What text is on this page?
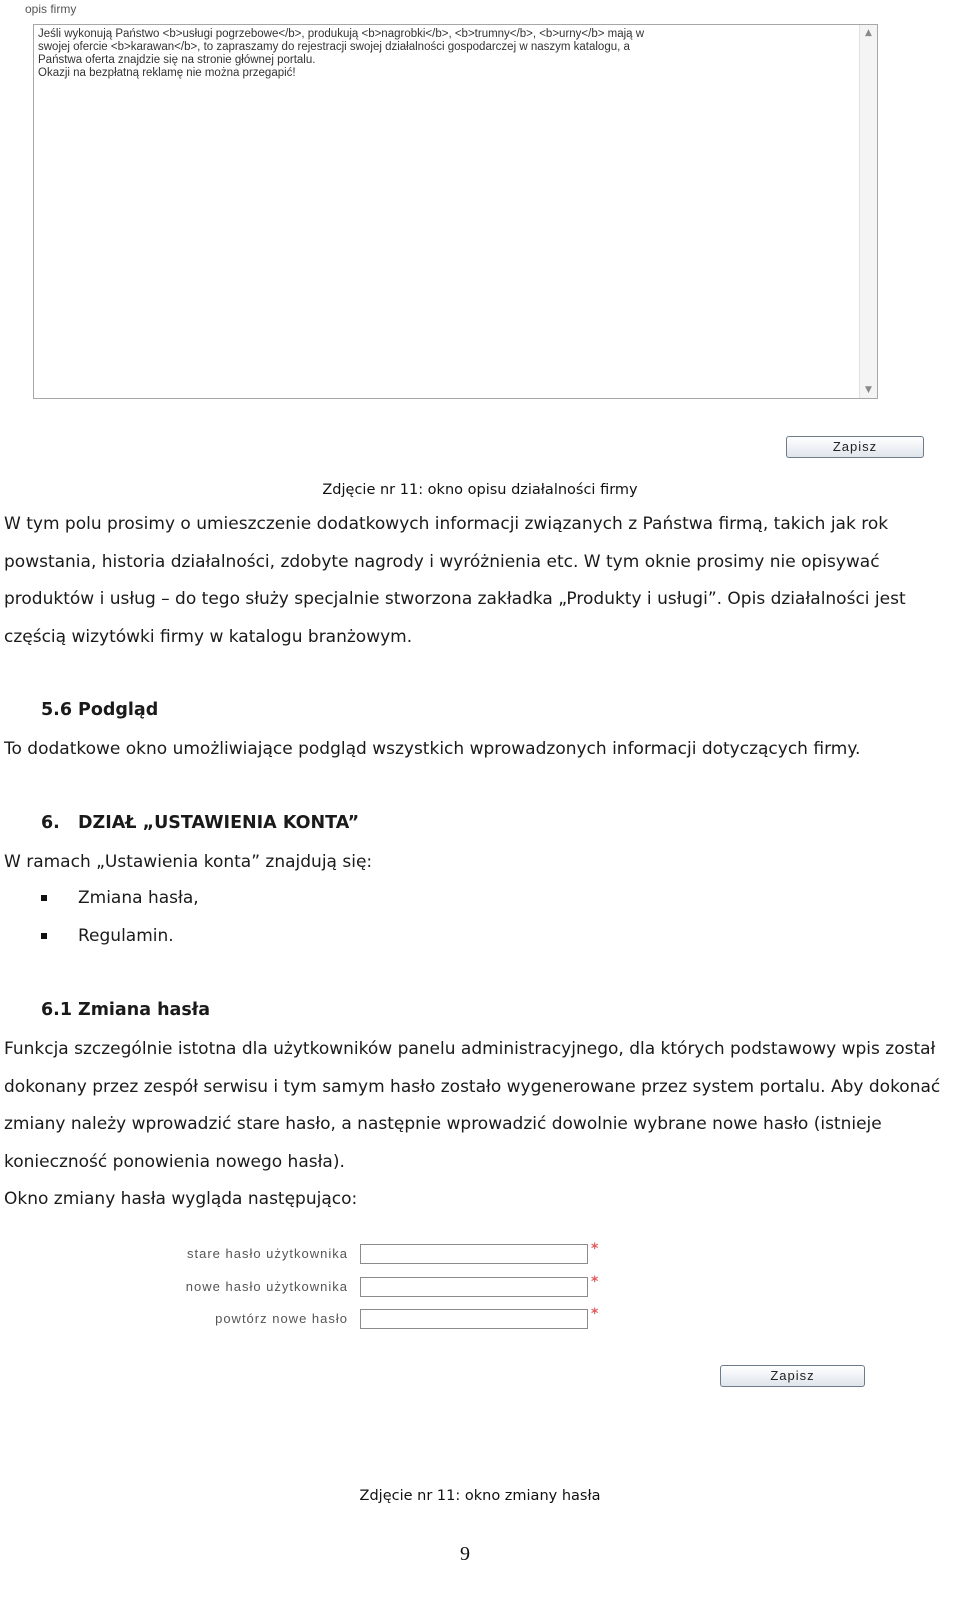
opis firmy
Jeśli wykonują Państwo <b>usługi pogrzebowe</b>, produkują <b>nagrobki</b>, <b>trumny</b>, <b>urny</b> mają w
swojej ofercie <b>karawan</b>, to zapraszamy do rejestracji swojej działalności gospodarczej w naszym katalogu, a
Państwa oferta znajdzie się na stronie głównej portalu.
Okazji na bezpłatną reklamę nie można przegapić!
▲
▼
Zapisz
Zdjęcie nr 11: okno opisu działalności firmy

W tym polu prosimy o umieszczenie dodatkowych informacji związanych z Państwa firmą, takich jak rok powstania, historia działalności, zdobyte nagrody i wyróżnienia etc. W tym oknie prosimy nie opisywać produktów i usług – do tego służy specjalnie stworzona zakładka „Produkty i usługi”. Opis działalności jest częścią wizytówki firmy w katalogu branżowym.

5.6 Podgląd

To dodatkowe okno umożliwiające podgląd wszystkich wprowadzonych informacji dotyczących firmy.

6. DZIAŁ „USTAWIENIA KONTA”

W ramach „Ustawienia konta” znajdują się:

Zmiana hasła,
Regulamin.
6.1 Zmiana hasła

Funkcja szczególnie istotna dla użytkowników panelu administracyjnego, dla których podstawowy wpis został dokonany przez zespół serwisu i tym samym hasło zostało wygenerowane przez system portalu. Aby dokonać zmiany należy wprowadzić stare hasło, a następnie wprowadzić dowolnie wybrane nowe hasło (istnieje konieczność ponowienia nowego hasła).

Okno zmiany hasła wygląda następująco:

stare hasło użytkownika	*
nowe hasło użytkownika	*
powtórz nowe hasło	*
Zapisz
Zdjęcie nr 11: okno zmiany hasła
9
